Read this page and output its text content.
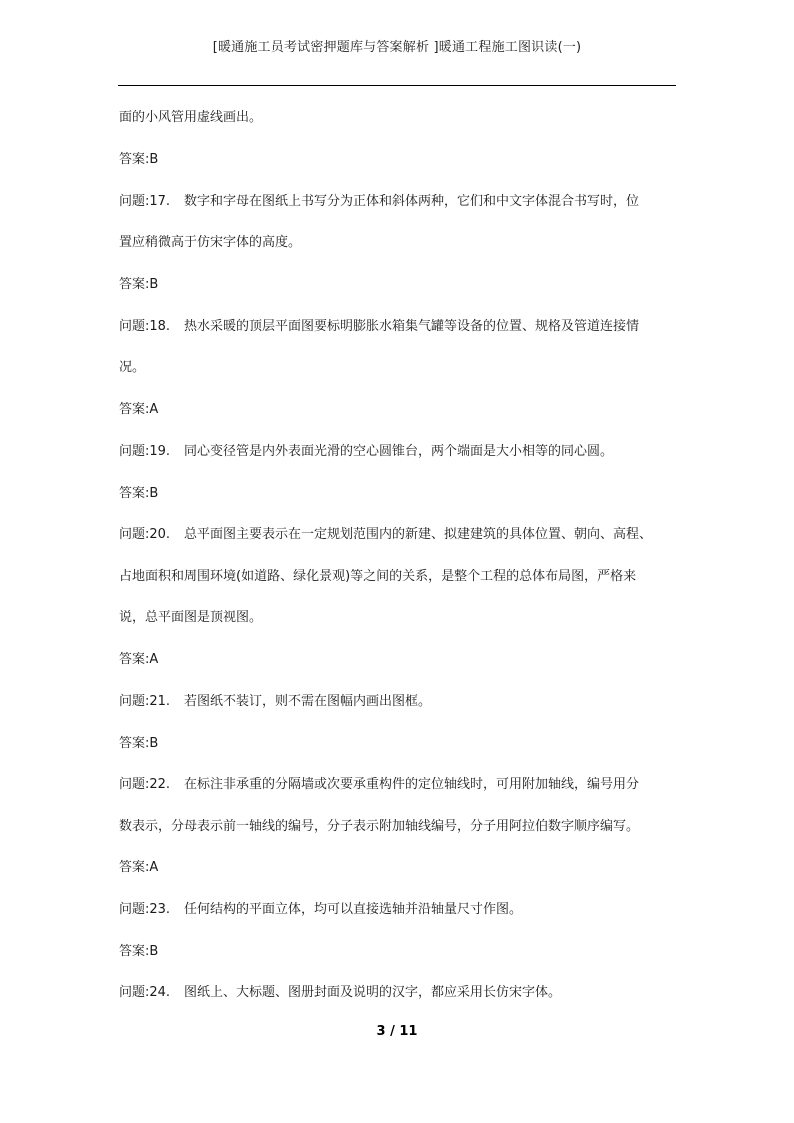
[暖通施工员考试密押题库与答案解析 ]暖通工程施工图识读(一)
面的小风管用虚线画出。
答案:B
问题:17. 数字和字母在图纸上书写分为正体和斜体两种，它们和中文字体混合书写时，位
置应稍微高于仿宋字体的高度。
答案:B
问题:18. 热水采暖的顶层平面图要标明膨胀水箱集气罐等设备的位置、规格及管道连接情
况。
答案:A
问题:19. 同心变径管是内外表面光滑的空心圆锥台，两个端面是大小相等的同心圆。
答案:B
问题:20. 总平面图主要表示在一定规划范围内的新建、拟建建筑的具体位置、朝向、高程、
占地面积和周围环境(如道路、绿化景观)等之间的关系，是整个工程的总体布局图，严格来
说，总平面图是顶视图。
答案:A
问题:21. 若图纸不装订，则不需在图幅内画出图框。
答案:B
问题:22. 在标注非承重的分隔墙或次要承重构件的定位轴线时，可用附加轴线，编号用分
数表示，分母表示前一轴线的编号，分子表示附加轴线编号，分子用阿拉伯数字顺序编写。
答案:A
问题:23. 任何结构的平面立体，均可以直接选轴并沿轴量尺寸作图。
答案:B
问题:24. 图纸上、大标题、图册封面及说明的汉字，都应采用长仿宋字体。
3 / 11
